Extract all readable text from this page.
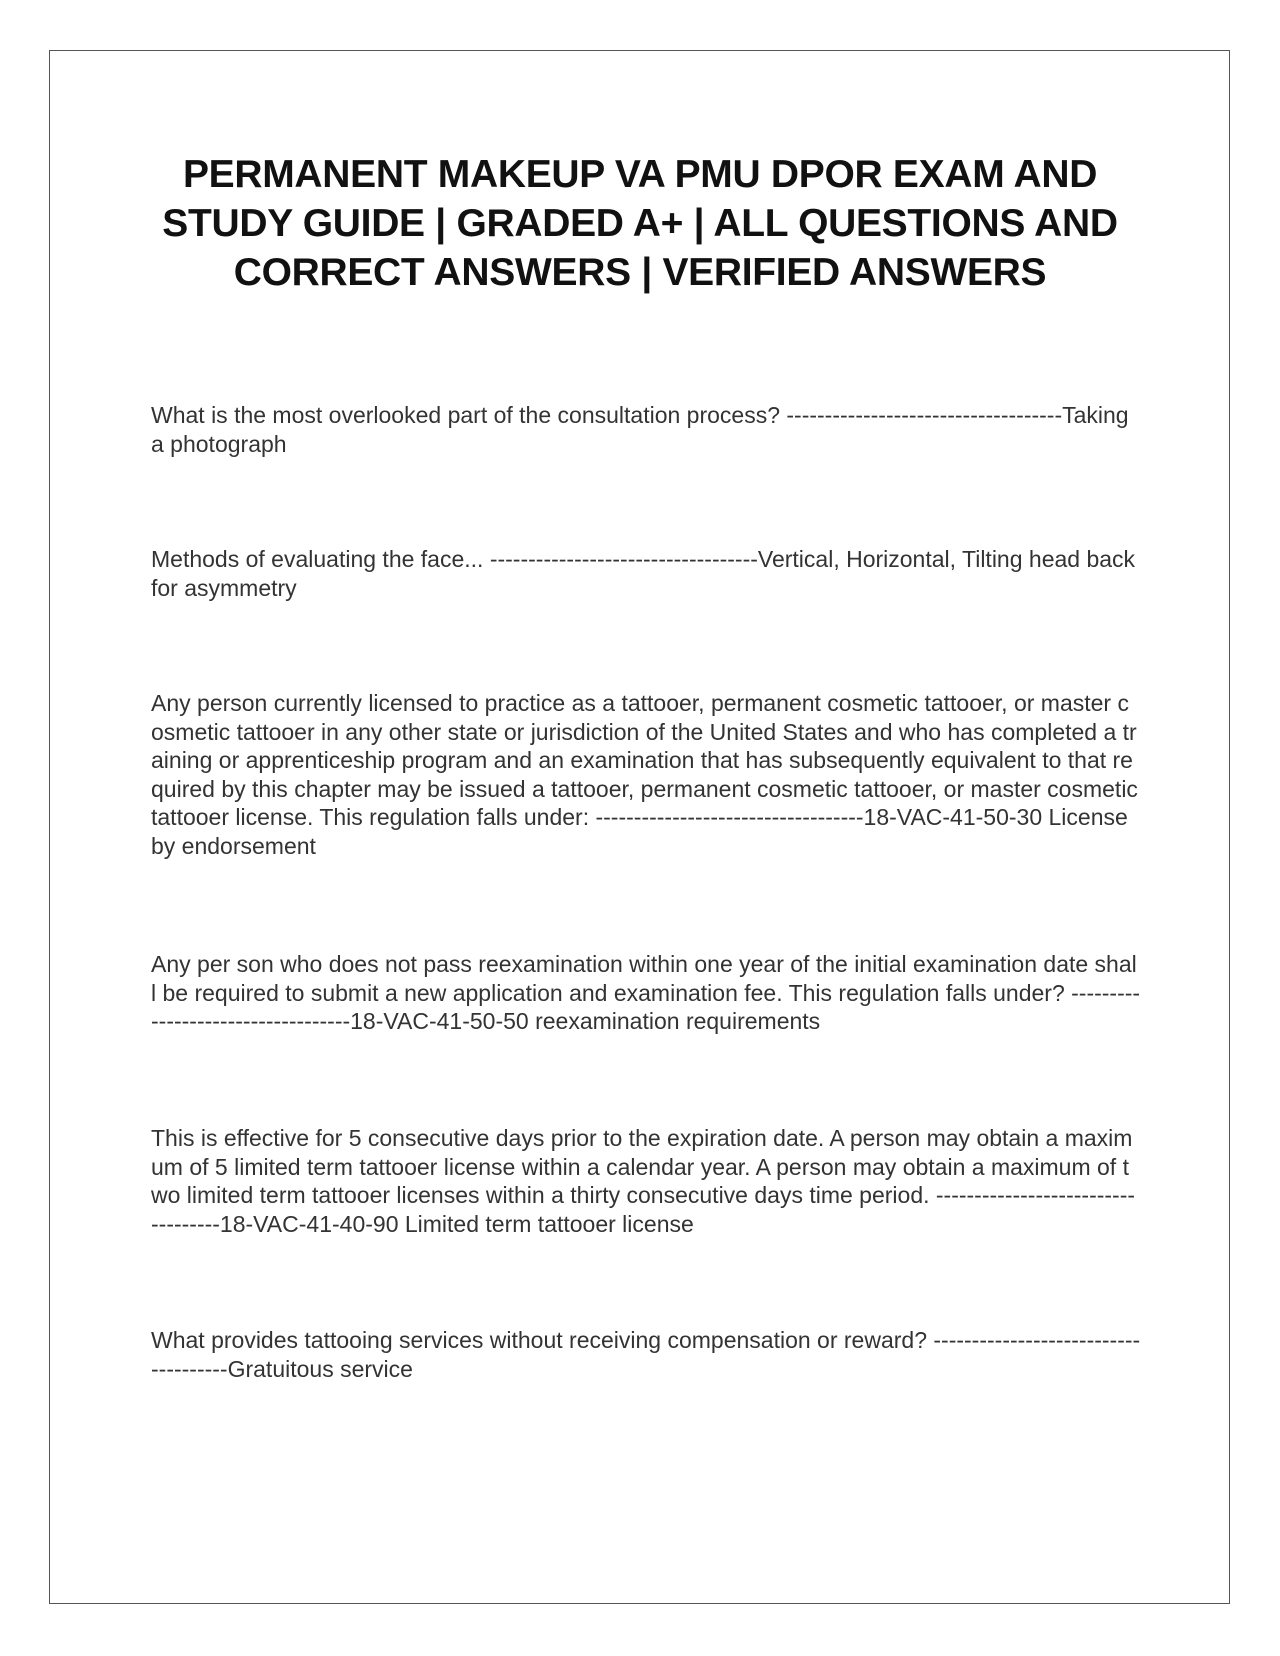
PERMANENT MAKEUP VA PMU DPOR EXAM AND STUDY GUIDE | GRADED A+ | ALL QUESTIONS AND CORRECT ANSWERS | VERIFIED ANSWERS

What is the most overlooked part of the consultation process? ------------------------------------Taking a photograph

Methods of evaluating the face... -----------------------------------Vertical, Horizontal, Tilting head back for asymmetry

Any person currently licensed to practice as a tattooer, permanent cosmetic tattooer, or master cosmetic tattooer in any other state or jurisdiction of the United States and who has completed a training or apprenticeship program and an examination that has subsequently equivalent to that required by this chapter may be issued a tattooer, permanent cosmetic tattooer, or master cosmetic tattooer license. This regulation falls under: -----------------------------------18-VAC-41-50-30 License by endorsement

Any per son who does not pass reexamination within one year of the initial examination date shall be required to submit a new application and examination fee. This regulation falls under? -----------------------------------18-VAC-41-50-50 reexamination requirements

This is effective for 5 consecutive days prior to the expiration date. A person may obtain a maximum of 5 limited term tattooer license within a calendar year. A person may obtain a maximum of two limited term tattooer licenses within a thirty consecutive days time period. -----------------------------------18-VAC-41-40-90 Limited term tattooer license

What provides tattooing services without receiving compensation or reward? -------------------------------------Gratuitous service
